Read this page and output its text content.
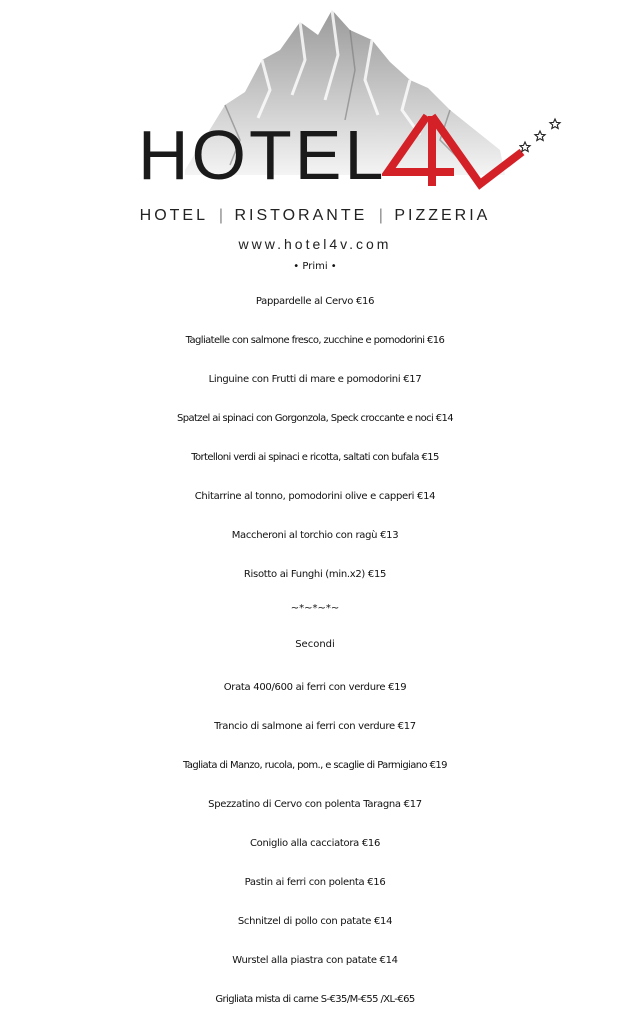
HOTEL
HOTEL | RISTORANTE | PIZZERIA
www.hotel4v.com
• Primi •
Pappardelle al Cervo €16
Tagliatelle con salmone fresco, zucchine e pomodorini €16
Linguine con Frutti di mare e pomodorini €17
Spatzel ai spinaci con Gorgonzola, Speck croccante e noci €14
Tortelloni verdi ai spinaci e ricotta, saltati con bufala €15
Chitarrine al tonno, pomodorini olive e capperi €14
Maccheroni al torchio con ragù €13
Risotto ai Funghi (min.x2) €15
~*~*~*~
Secondi
Orata 400/600 ai ferri con verdure €19
Trancio di salmone ai ferri con verdure €17
Tagliata di Manzo, rucola, pom., e scaglie di Parmigiano €19
Spezzatino di Cervo con polenta Taragna €17
Coniglio alla cacciatora €16
Pastin ai ferri con polenta €16
Schnitzel di pollo con patate €14
Wurstel alla piastra con patate €14
Grigliata mista di carne S-€35/M-€55 /XL-€65
